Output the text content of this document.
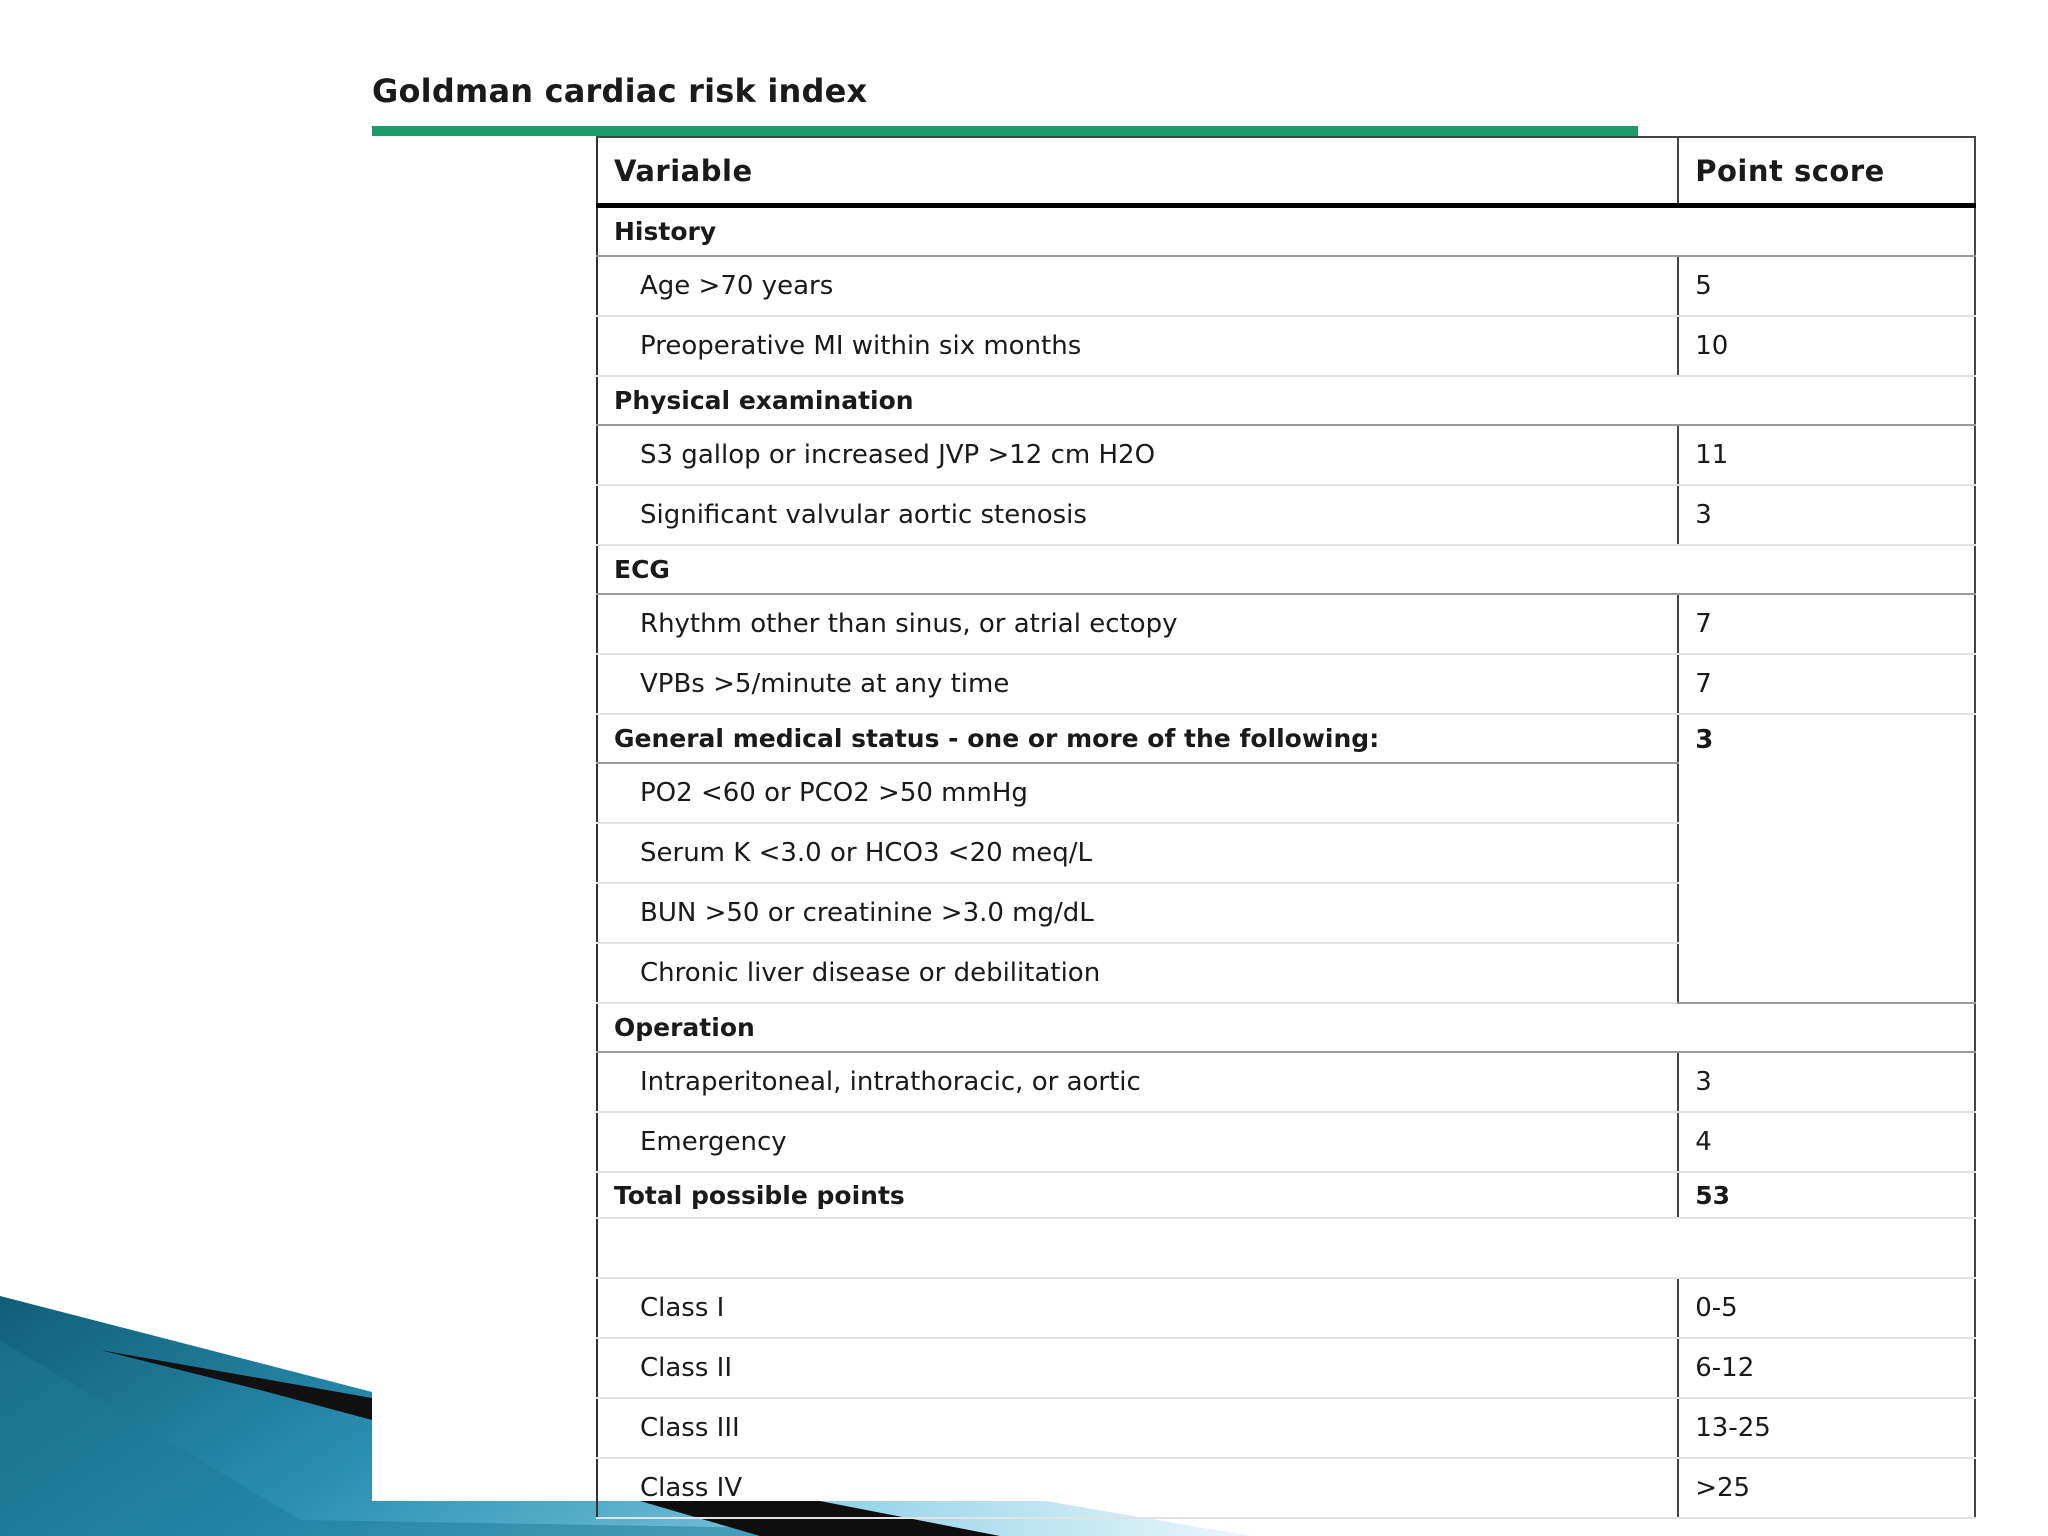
Goldman cardiac risk index
Variable	Point score
History	
Age >70 years	5
Preoperative MI within six months	10
Physical examination	
S3 gallop or increased JVP >12 cm H2O	11
Significant valvular aortic stenosis	3
ECG	
Rhythm other than sinus, or atrial ectopy	7
VPBs >5/minute at any time	7
General medical status - one or more of the following:	3
PO2 <60 or PCO2 >50 mmHg	
Serum K <3.0 or HCO3 <20 meq/L	
BUN >50 or creatinine >3.0 mg/dL	
Chronic liver disease or debilitation	
Operation	
Intraperitoneal, intrathoracic, or aortic	3
Emergency	4
Total possible points	53

Class I	0-5
Class II	6-12
Class III	13-25
Class IV	>25
